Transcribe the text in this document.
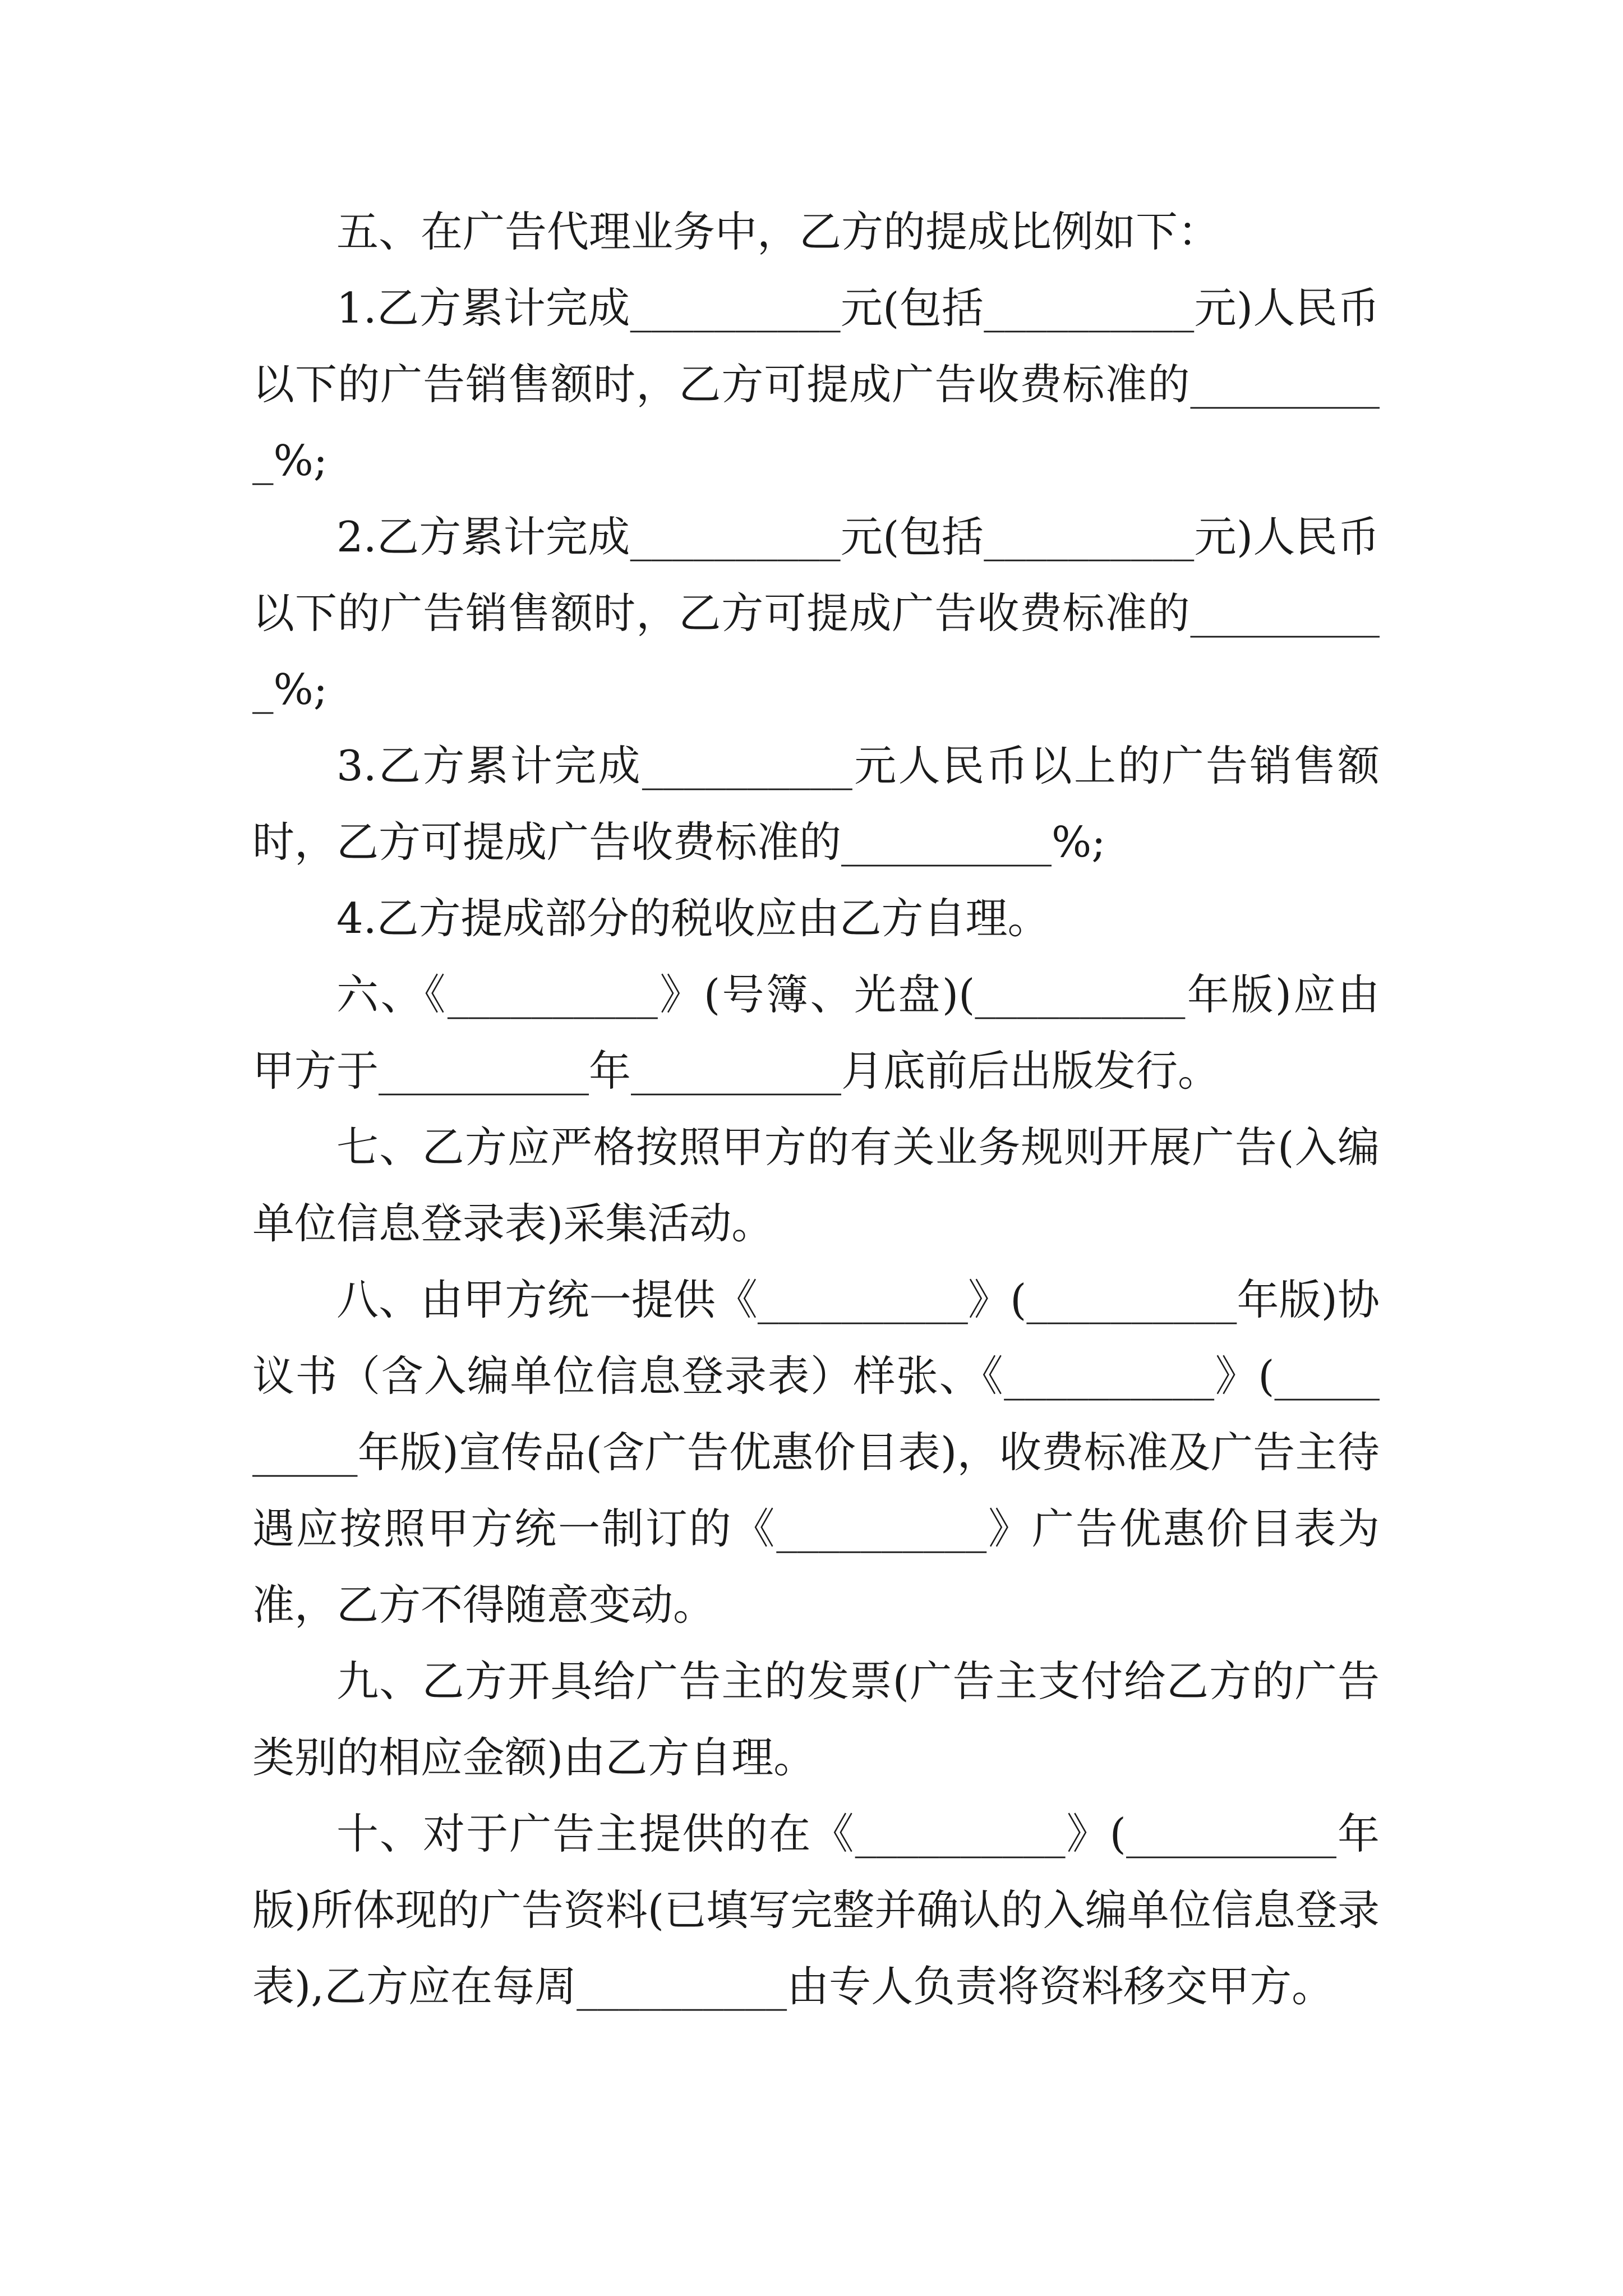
五、在广告代理业务中，乙方的提成比例如下：

1.乙方累计完成__________元(包括__________元)人民币以下的广告销售额时，乙方可提成广告收费标准的__________%;

2.乙方累计完成__________元(包括__________元)人民币以下的广告销售额时，乙方可提成广告收费标准的__________%;

3.乙方累计完成__________元人民币以上的广告销售额时，乙方可提成广告收费标准的__________%;

4.乙方提成部分的税收应由乙方自理。

六、《__________》(号簿、光盘)(__________年版)应由甲方于__________年__________月底前后出版发行。

七、乙方应严格按照甲方的有关业务规则开展广告(入编单位信息登录表)采集活动。

八、由甲方统一提供《__________》(__________年版)协议书（含入编单位信息登录表）样张、《__________》(__________年版)宣传品(含广告优惠价目表)，收费标准及广告主待遇应按照甲方统一制订的《__________》广告优惠价目表为准，乙方不得随意变动。

九、乙方开具给广告主的发票(广告主支付给乙方的广告类别的相应金额)由乙方自理。

十、对于广告主提供的在《__________》(__________年版)所体现的广告资料(已填写完整并确认的入编单位信息登录表),乙方应在每周__________由专人负责将资料移交甲方。
